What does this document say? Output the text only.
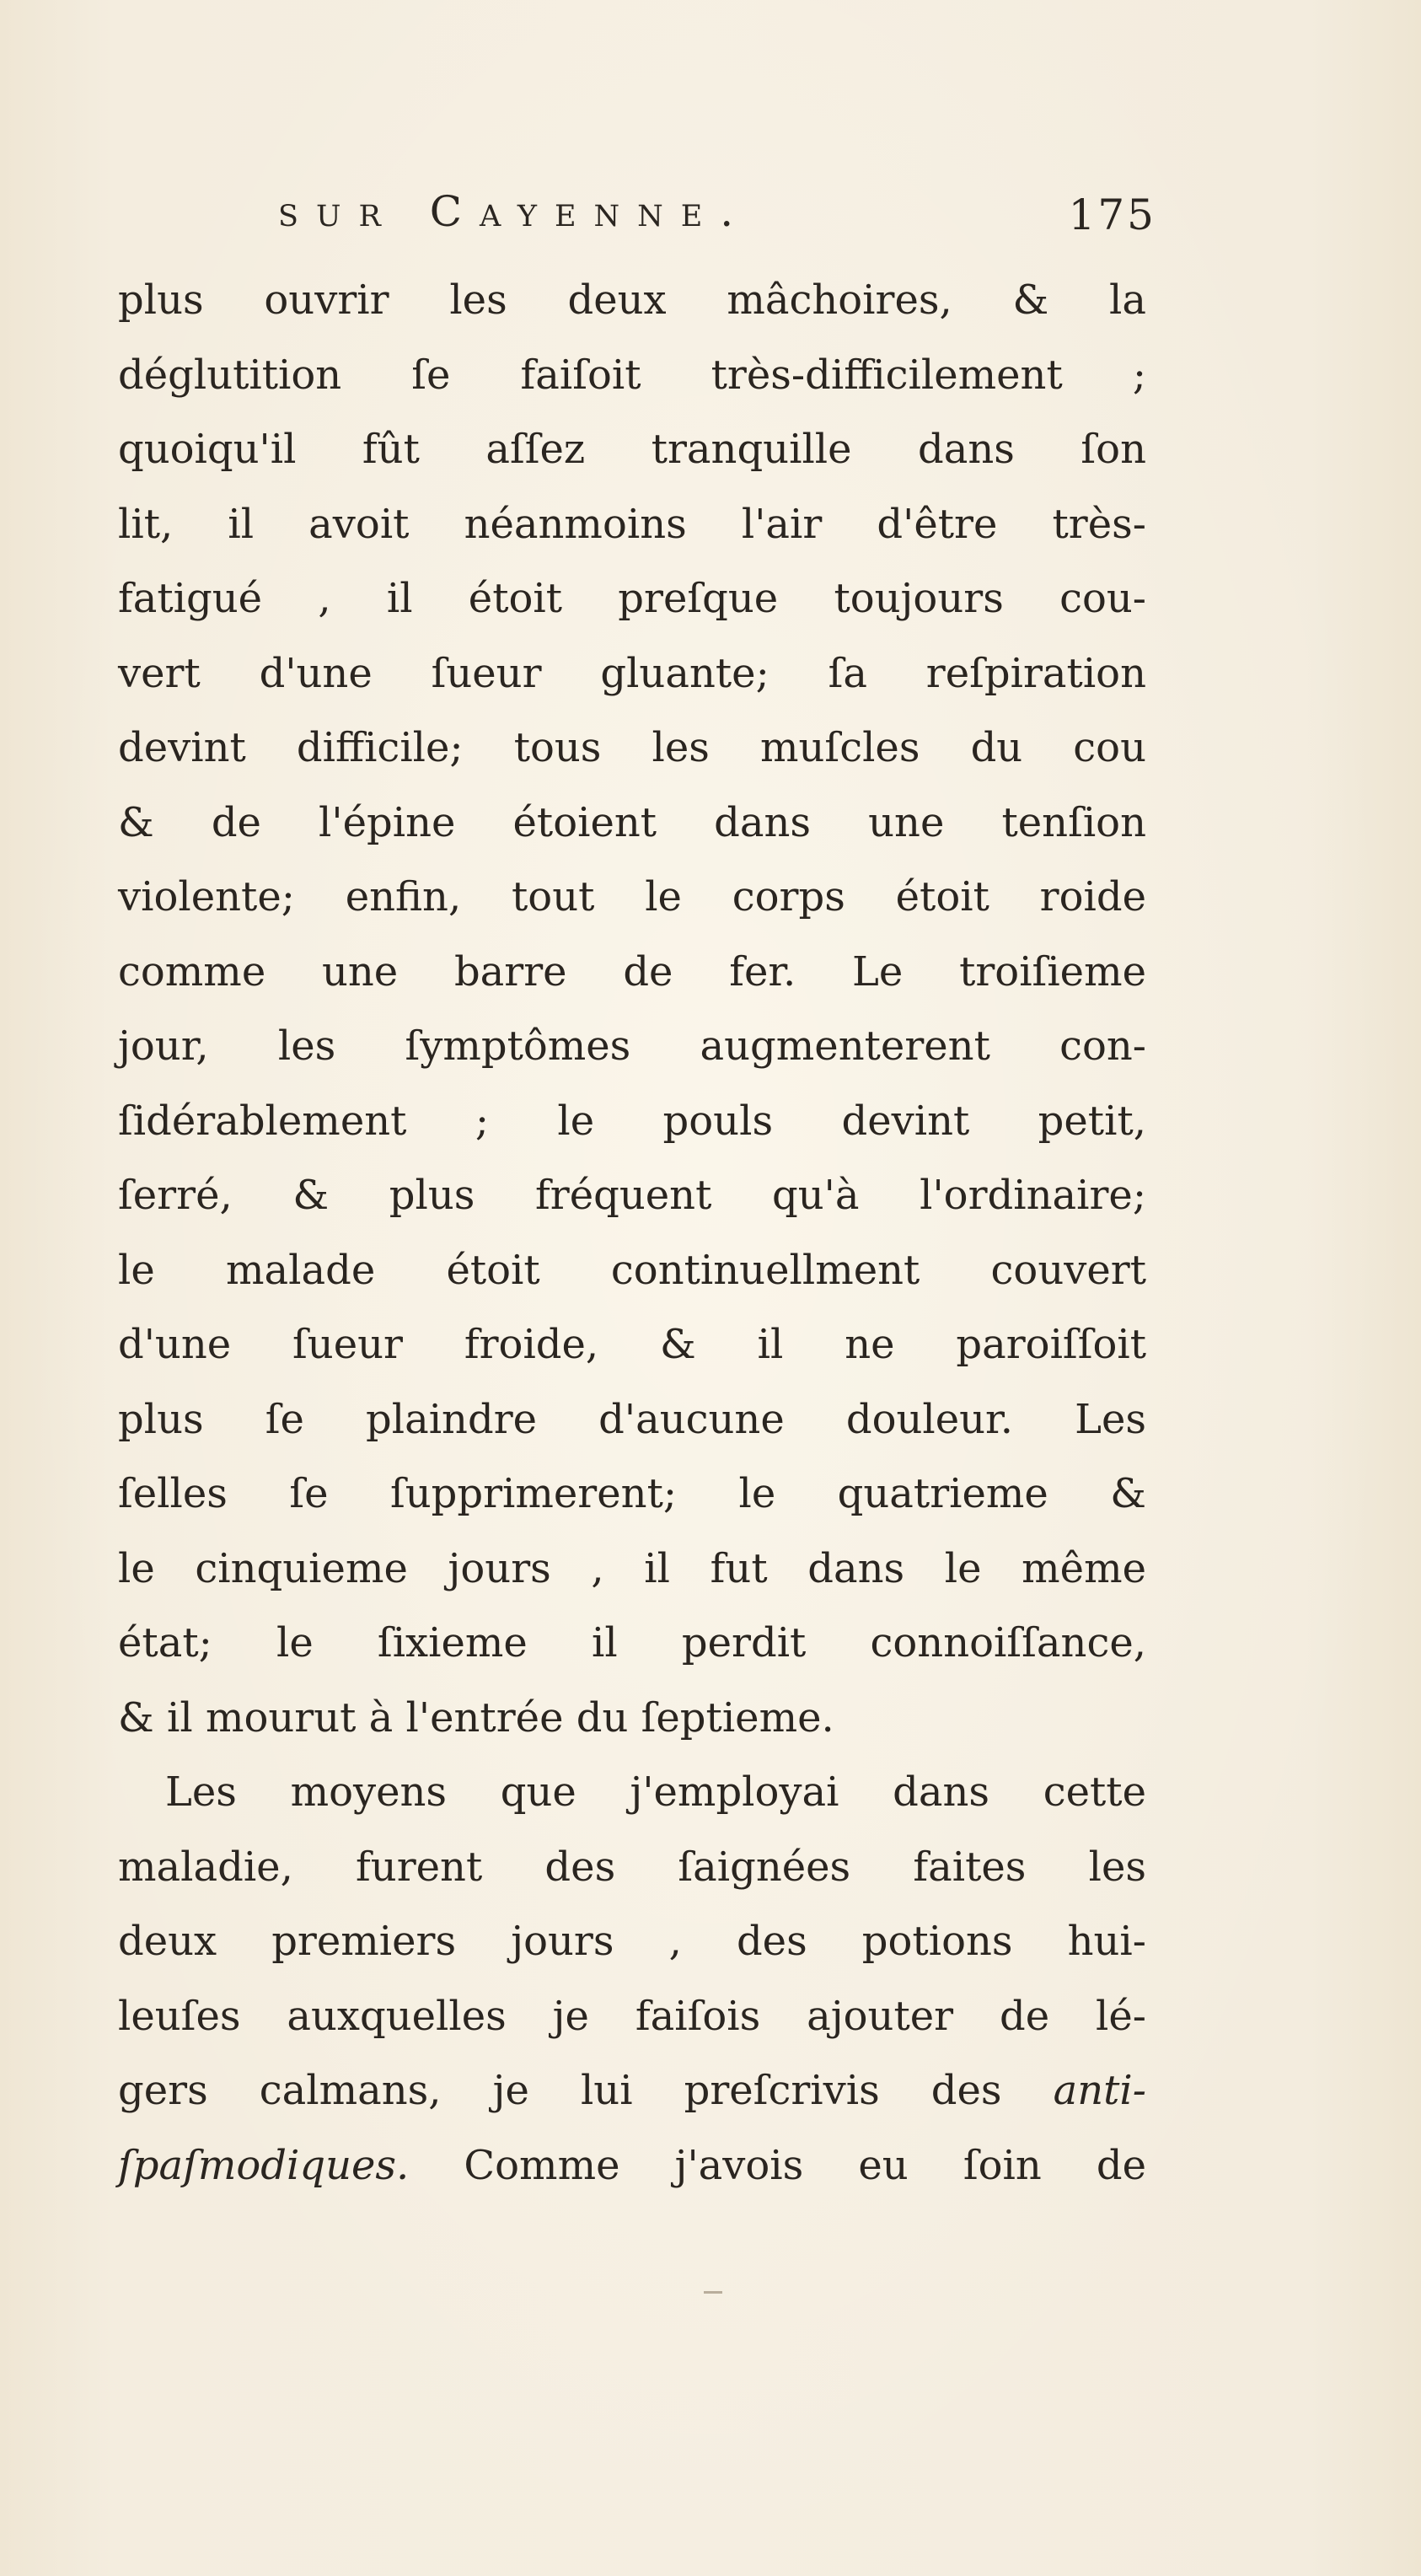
sur Cayenne.	175
plus ouvrir les deux mâchoires, & la
déglutition ſe faiſoit très-difficilement ;
quoiqu'il fût aſſez tranquille dans ſon
lit, il avoit néanmoins l'air d'être très-
fatigué , il étoit preſque toujours cou-
vert d'une ſueur gluante; ſa reſpiration
devint difficile; tous les muſcles du cou
& de l'épine étoient dans une tenſion
violente; enfin, tout le corps étoit roide
comme une barre de fer. Le troiſieme
jour, les ſymptômes augmenterent con-
ſidérablement ; le pouls devint petit,
ſerré, & plus fréquent qu'à l'ordinaire;
le malade étoit continuellment couvert
d'une ſueur froide, & il ne paroiſſoit
plus ſe plaindre d'aucune douleur. Les
ſelles ſe ſupprimerent; le quatrieme &
le cinquieme jours , il fut dans le même
état; le ſixieme il perdit connoiſſance,
& il mourut à l'entrée du ſeptieme.
Les moyens que j'employai dans cette
maladie, furent des ſaignées faites les
deux premiers jours , des potions hui-
leuſes auxquelles je faiſois ajouter de lé-
gers calmans, je lui preſcrivis des anti-
ſpaſmodiques. Comme j'avois eu ſoin de
